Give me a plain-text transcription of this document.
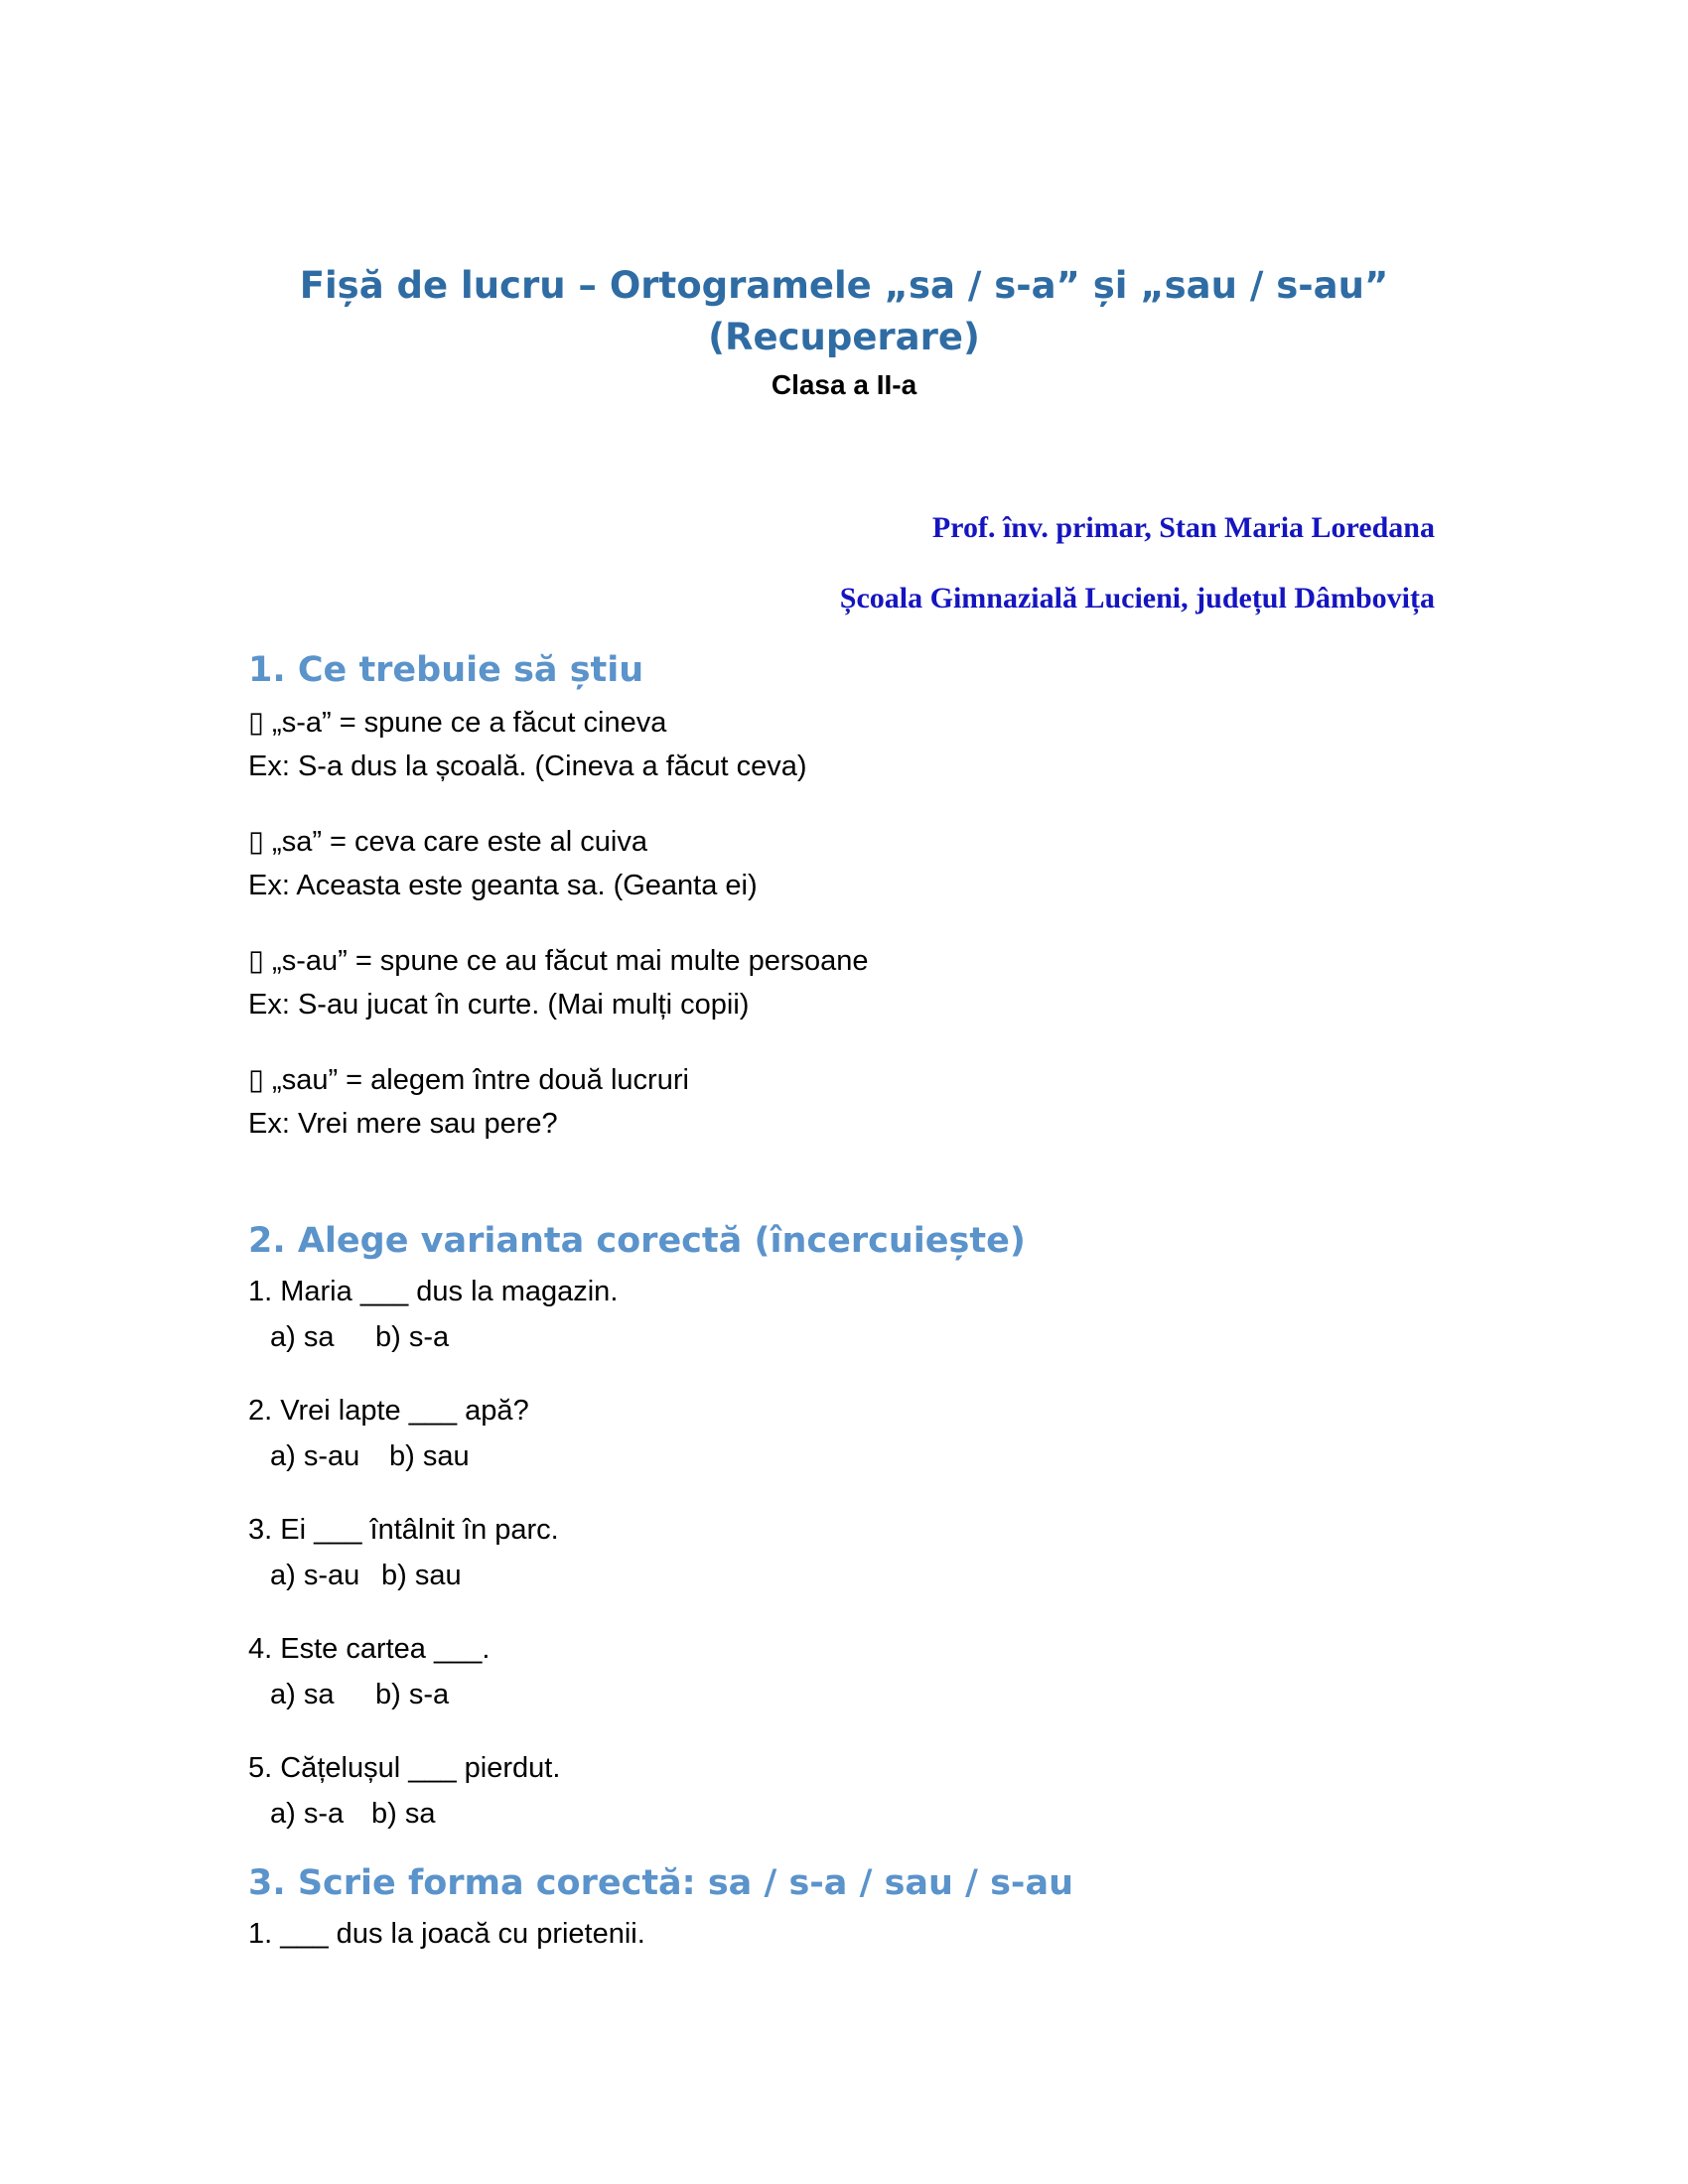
Fișă de lucru – Ortogramele „sa / s-a” și „sau / s-au”
(Recuperare)
Clasa a II-a
Prof. înv. primar, Stan Maria Loredana
Școala Gimnazială Lucieni, județul Dâmbovița
1. Ce trebuie să știu
▯ „s-a” = spune ce a făcut cineva
Ex: S-a dus la școală. (Cineva a făcut ceva)
▯ „sa” = ceva care este al cuiva
Ex: Aceasta este geanta sa. (Geanta ei)
▯ „s-au” = spune ce au făcut mai multe persoane
Ex: S-au jucat în curte. (Mai mulți copii)
▯ „sau” = alegem între două lucruri
Ex: Vrei mere sau pere?
2. Alege varianta corectă (încercuiește)
1. Maria ___ dus la magazin.
a) sa b) s-a
2. Vrei lapte ___ apă?
a) s-au b) sau
3. Ei ___ întâlnit în parc.
a) s-au b) sau
4. Este cartea ___.
a) sa b) s-a
5. Cățelușul ___ pierdut.
a) s-a b) sa
3. Scrie forma corectă: sa / s-a / sau / s-au
1. ___ dus la joacă cu prietenii.
